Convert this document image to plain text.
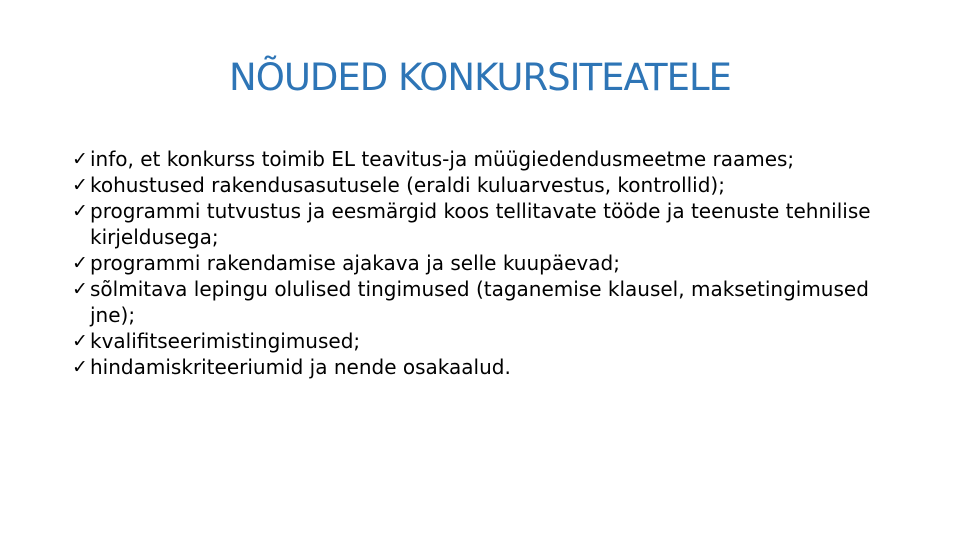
NÕUDED KONKURSITEATELE
✓ info, et konkurss toimib EL teavitus-ja müügiedendusmeetme raames;
✓ kohustused rakendusasutusele (eraldi kuluarvestus, kontrollid);
✓ programmi tutvustus ja eesmärgid koos tellitavate tööde ja teenuste tehnilise kirjeldusega;
✓ programmi rakendamise ajakava ja selle kuupäevad;
✓ sõlmitava lepingu olulised tingimused (taganemise klausel, maksetingimused jne);
✓ kvalifitseerimistingimused;
✓ hindamiskriteeriumid ja nende osakaalud.
